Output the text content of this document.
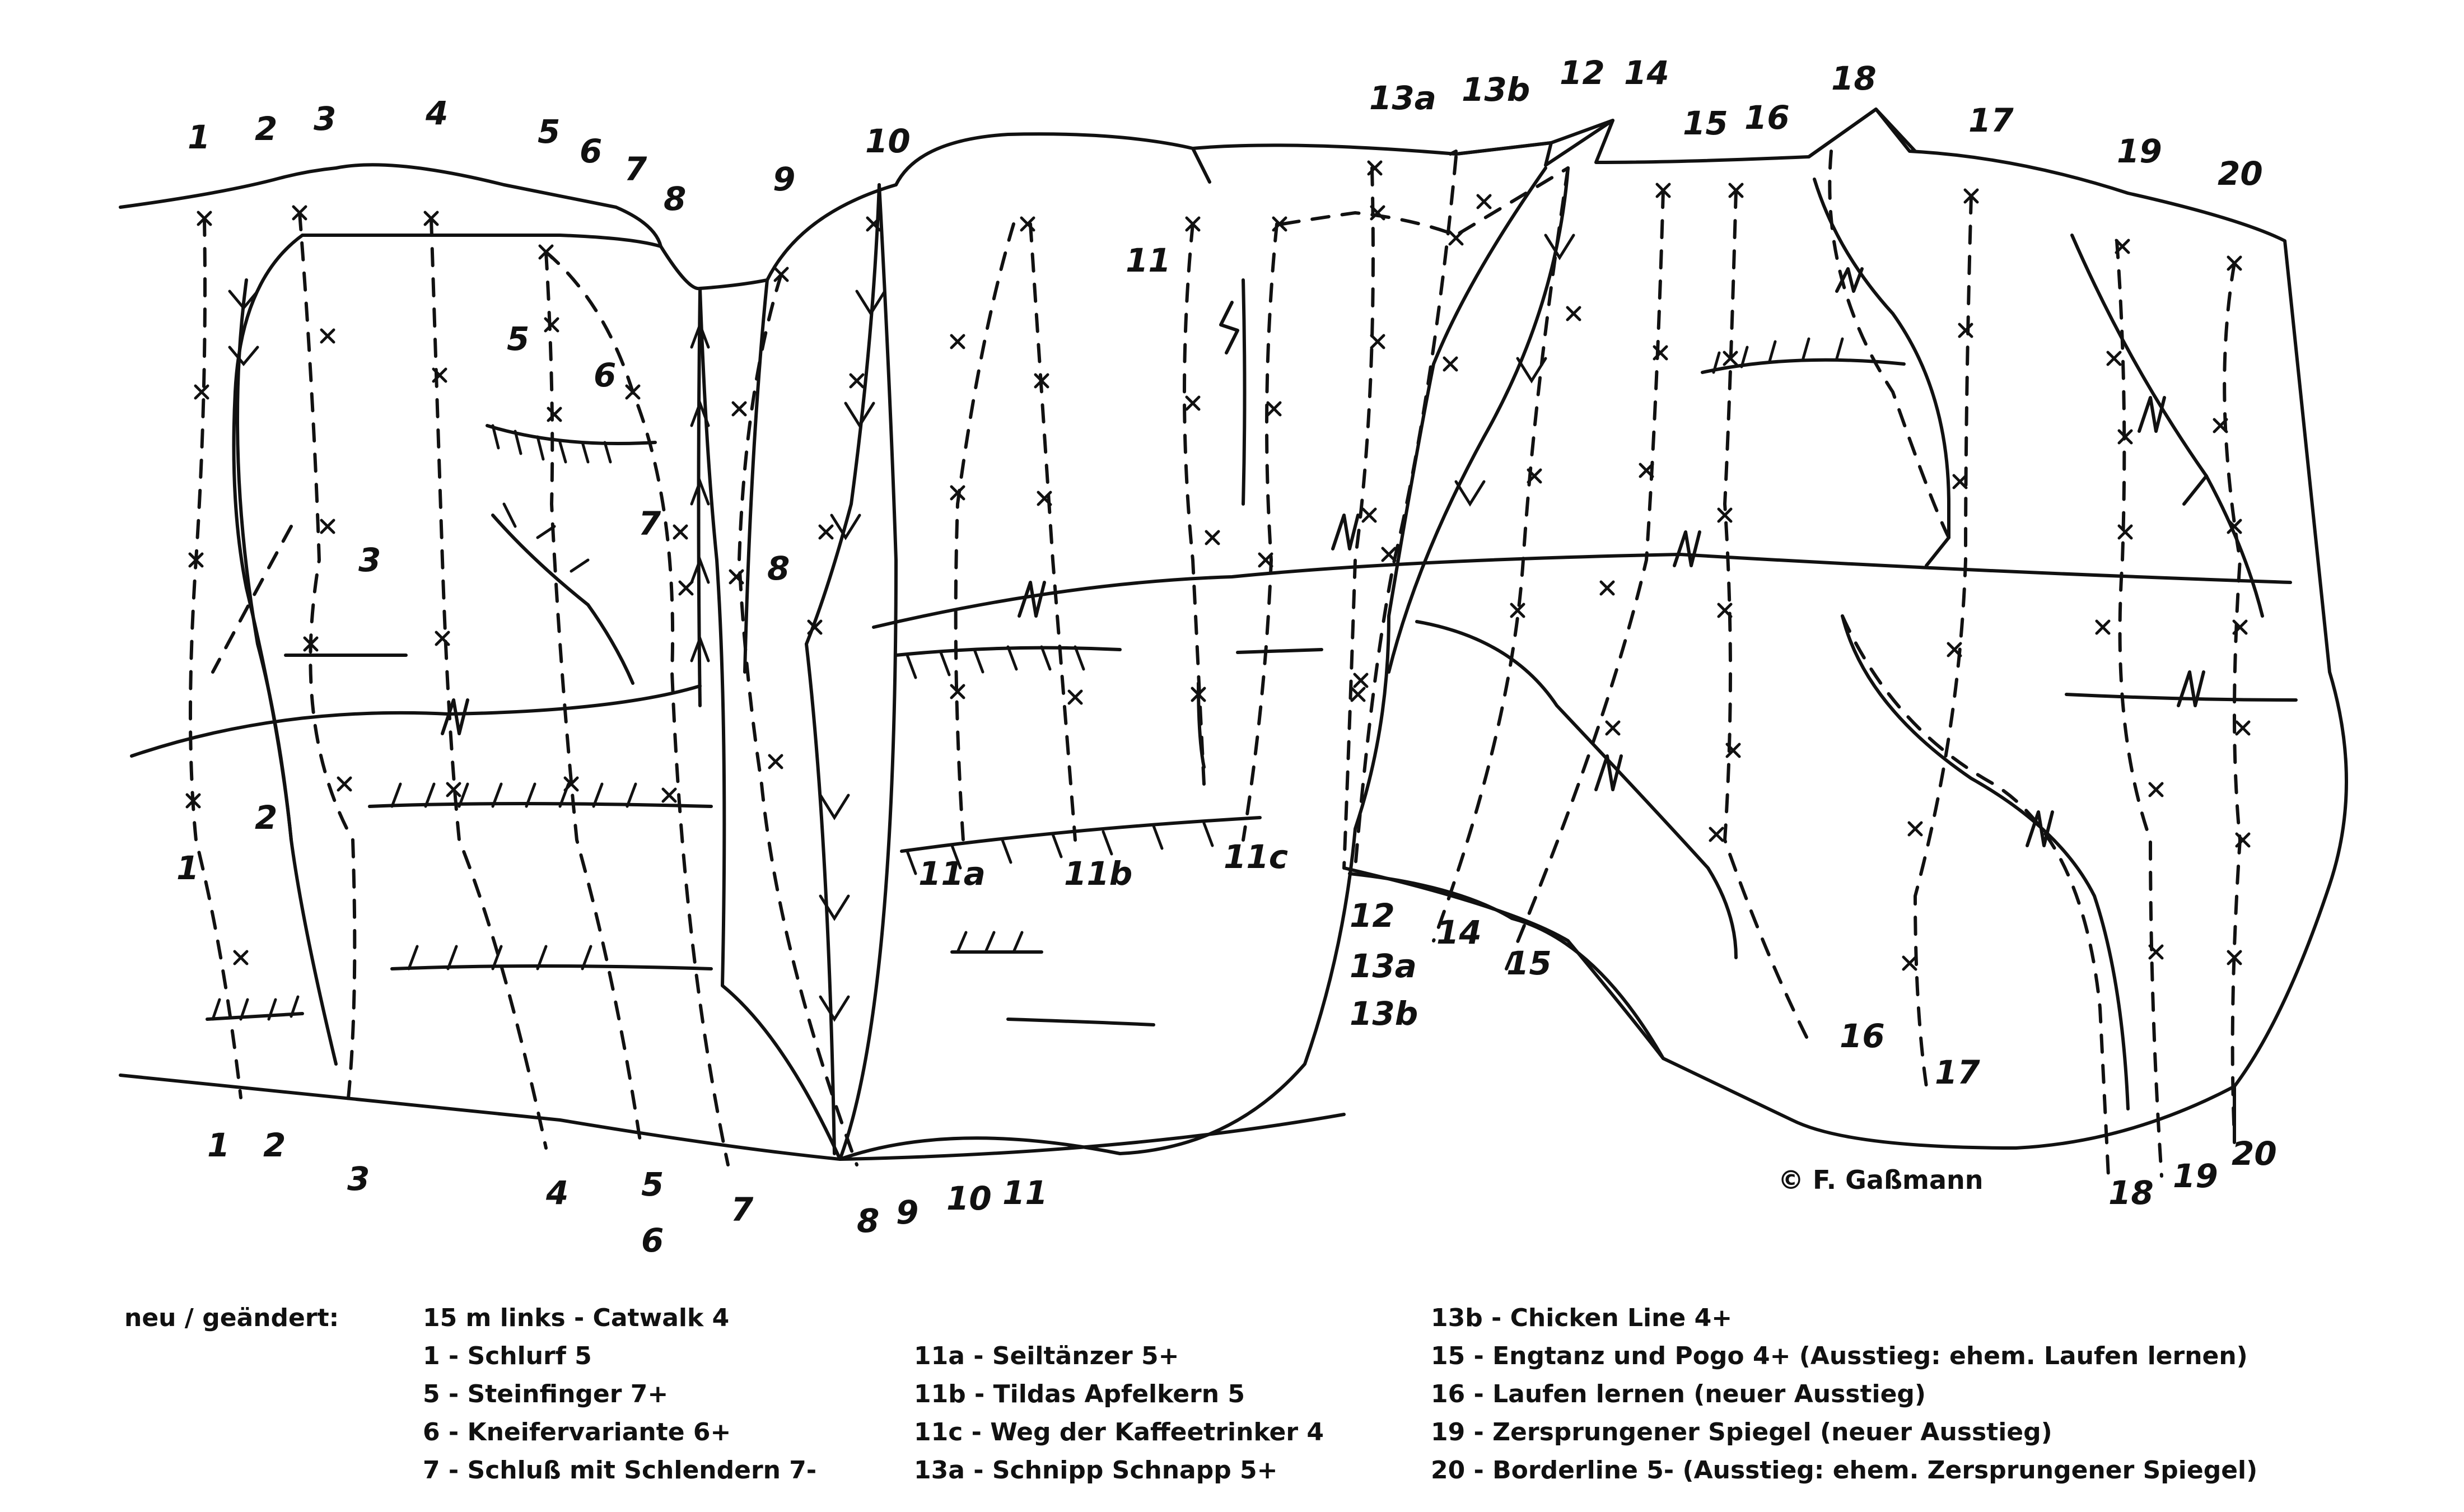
1 2 3	4	5
6 7
8
9
10
13a 13b 12 14
15 16
18
17
19
20
1 2
3	4 5
6
7	8 9 10 11
12
13a
13b
14
15
16
17
18 19
20
5
6
3
7
8
11
2
1	11a 11b	11c
© F. Gaßmann
neu / geändert:	15 m links - Catwalk 4
1 - Schlurf 5
5 - Steinfinger 7+
6 - Kneifervariante 6+
7 - Schluß mit Schlendern 7-
11a - Seiltänzer 5+
11b - Tildas Apfelkern 5
11c - Weg der Kaffeetrinker 4
13a - Schnipp Schnapp 5+
13b - Chicken Line 4+
15 - Engtanz und Pogo 4+ (Ausstieg: ehem. Laufen lernen)
16 - Laufen lernen (neuer Ausstieg)
19 - Zersprungener Spiegel (neuer Ausstieg)
20 - Borderline 5- (Ausstieg: ehem. Zersprungener Spiegel)
